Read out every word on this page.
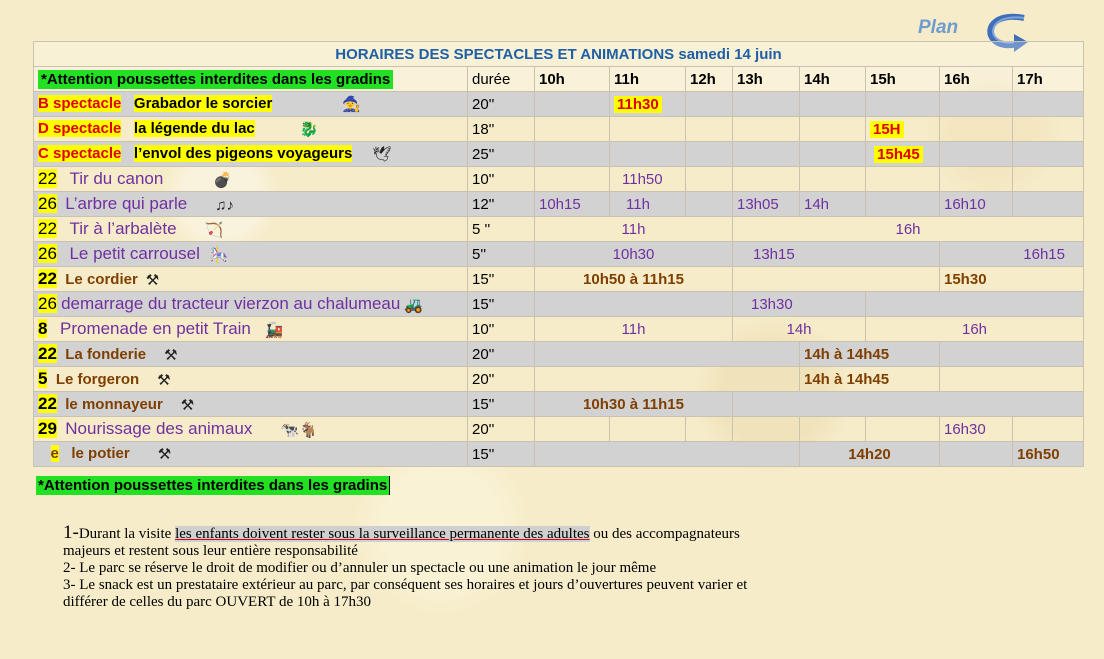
Plan
HORAIRES DES SPECTACLES ET ANIMATIONS samedi 14 juin									
*Attention poussettes interdites dans les gradins	durée	10h	11h	12h	13h	14h	15h	16h	17h
B spectacle Grabador le sorcier 🧙	20''		11h30						
D spectacle la légende du lac 🐉	18''						15H		
C spectacle l’envol des pigeons voyageurs 🕊	25''						15h45		
22 Tir du canon 💣	10''		11h50						
26 L’arbre qui parle ♫♪	12''	10h15	11h		13h05	14h		16h10	
22 Tir à l’arbalète 🏹	5 ''	11h			16h				
26 Le petit carrousel 🎠	5''	10h30			13h15			16h15	
22 Le cordier ⚒	15''	10h50 à 11h15						15h30	
26 demarrage du tracteur vierzon au chalumeau 🚜	15''				13h30				
8 Promenade en petit Train 🚂	10''	11h			14h		16h		
22 La fonderie ⚒	20''					14h à 14h45			
5 Le forgeron ⚒	20''					14h à 14h45			
22 le monnayeur ⚒	15''	10h30 à 11h15							
29 Nourissage des animaux 🐄🐐	20''							16h30	
e le potier ⚒	15''					14h20			16h50
*Attention poussettes interdites dans les gradins
1-Durant la visite les enfants doivent rester sous la surveillance permanente des adultes ou des accompagnateurs
majeurs et restent sous leur entière responsabilité
2- Le parc se réserve le droit de modifier ou d’annuler un spectacle ou une animation le jour même
3- Le snack est un prestataire extérieur au parc, par conséquent ses horaires et jours d’ouvertures peuvent varier et
différer de celles du parc OUVERT de 10h à 17h30
